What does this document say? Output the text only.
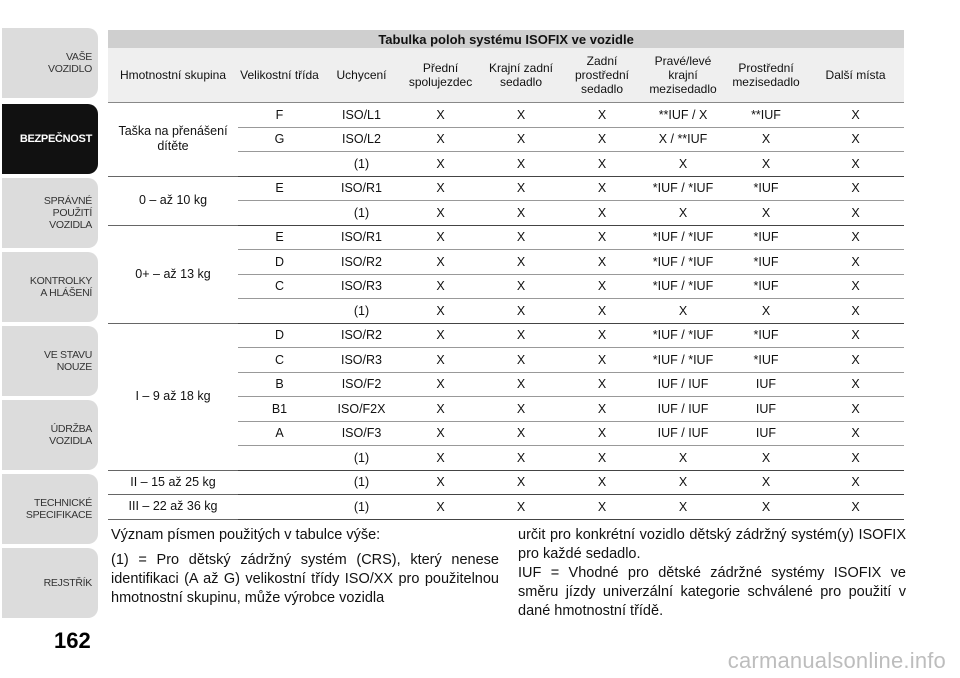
VAŠE
VOZIDLO
BEZPEČNOST
SPRÁVNÉ
POUŽITÍ
VOZIDLA
KONTROLKY
A HLÁŠENÍ
VE STAVU
NOUZE
ÚDRŽBA
VOZIDLA
TECHNICKÉ
SPECIFIKACE
REJSTŘÍK
162
Tabulka poloh systému ISOFIX ve vozidle								
Hmotnostní skupina	Velikostní třída	Uchycení	Přední spolujezdec	Krajní zadní sedadlo	Zadní prostřední sedadlo	Pravé/levé krajní mezisedadlo	Prostřední mezisedadlo	Další místa
Taška na přenášení dítěte	F	ISO/L1	X	X	X	**IUF / X	**IUF	X
	G	ISO/L2	X	X	X	X / **IUF	X	X
		(1)	X	X	X	X	X	X
0 – až 10 kg	E	ISO/R1	X	X	X	*IUF / *IUF	*IUF	X
		(1)	X	X	X	X	X	X
0+ – až 13 kg	E	ISO/R1	X	X	X	*IUF / *IUF	*IUF	X
	D	ISO/R2	X	X	X	*IUF / *IUF	*IUF	X
	C	ISO/R3	X	X	X	*IUF / *IUF	*IUF	X
		(1)	X	X	X	X	X	X
I – 9 až 18 kg	D	ISO/R2	X	X	X	*IUF / *IUF	*IUF	X
	C	ISO/R3	X	X	X	*IUF / *IUF	*IUF	X
	B	ISO/F2	X	X	X	IUF / IUF	IUF	X
	B1	ISO/F2X	X	X	X	IUF / IUF	IUF	X
	A	ISO/F3	X	X	X	IUF / IUF	IUF	X
		(1)	X	X	X	X	X	X
II – 15 až 25 kg		(1)	X	X	X	X	X	X
III – 22 až 36 kg		(1)	X	X	X	X	X	X

Význam písmen použitých v tabulce výše:

(1) = Pro dětský zádržný systém (CRS), který nenese identifikaci (A až G) velikostní třídy ISO/XX pro použitelnou hmotnostní skupinu, může výrobce vozidla

určit pro konkrétní vozidlo dětský zádržný systém(y) ISOFIX pro každé sedadlo.

IUF = Vhodné pro dětské zádržné systémy ISOFIX ve směru jízdy univerzální kategorie schválené pro použití v dané hmotnostní třídě.

carmanualsonline.info
